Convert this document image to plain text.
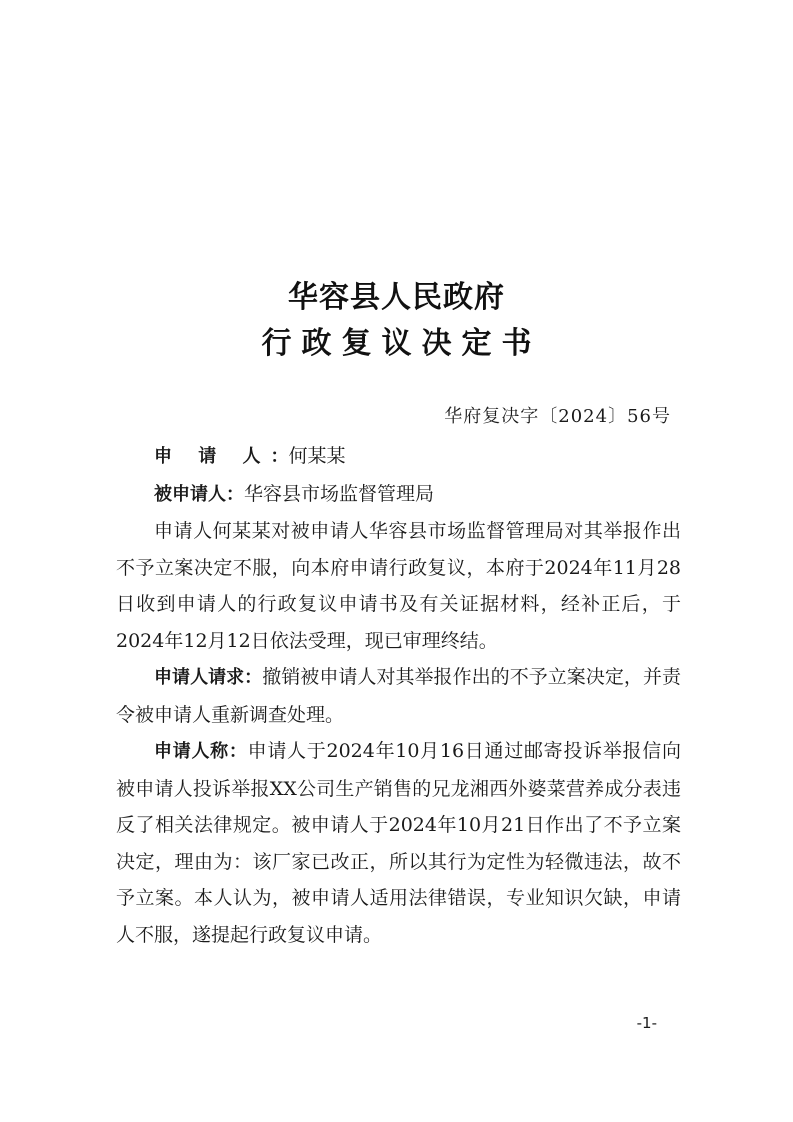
华容县人民政府
行政复议决定书
华府复决字〔2024〕56号
申 请 人：何某某
被申请人：华容县市场监督管理局

申请人何某某对被申请人华容县市场监督管理局对其举报作出不予立案决定不服，向本府申请行政复议，本府于2024年11月28日收到申请人的行政复议申请书及有关证据材料，经补正后，于2024年12月12日依法受理，现已审理终结。

申请人请求：撤销被申请人对其举报作出的不予立案决定，并责令被申请人重新调查处理。

申请人称：申请人于2024年10月16日通过邮寄投诉举报信向被申请人投诉举报XX公司生产销售的兄龙湘西外婆菜营养成分表违反了相关法律规定。被申请人于2024年10月21日作出了不予立案决定，理由为：该厂家已改正，所以其行为定性为轻微违法，故不予立案。本人认为，被申请人适用法律错误，专业知识欠缺，申请人不服，遂提起行政复议申请。

-1-
